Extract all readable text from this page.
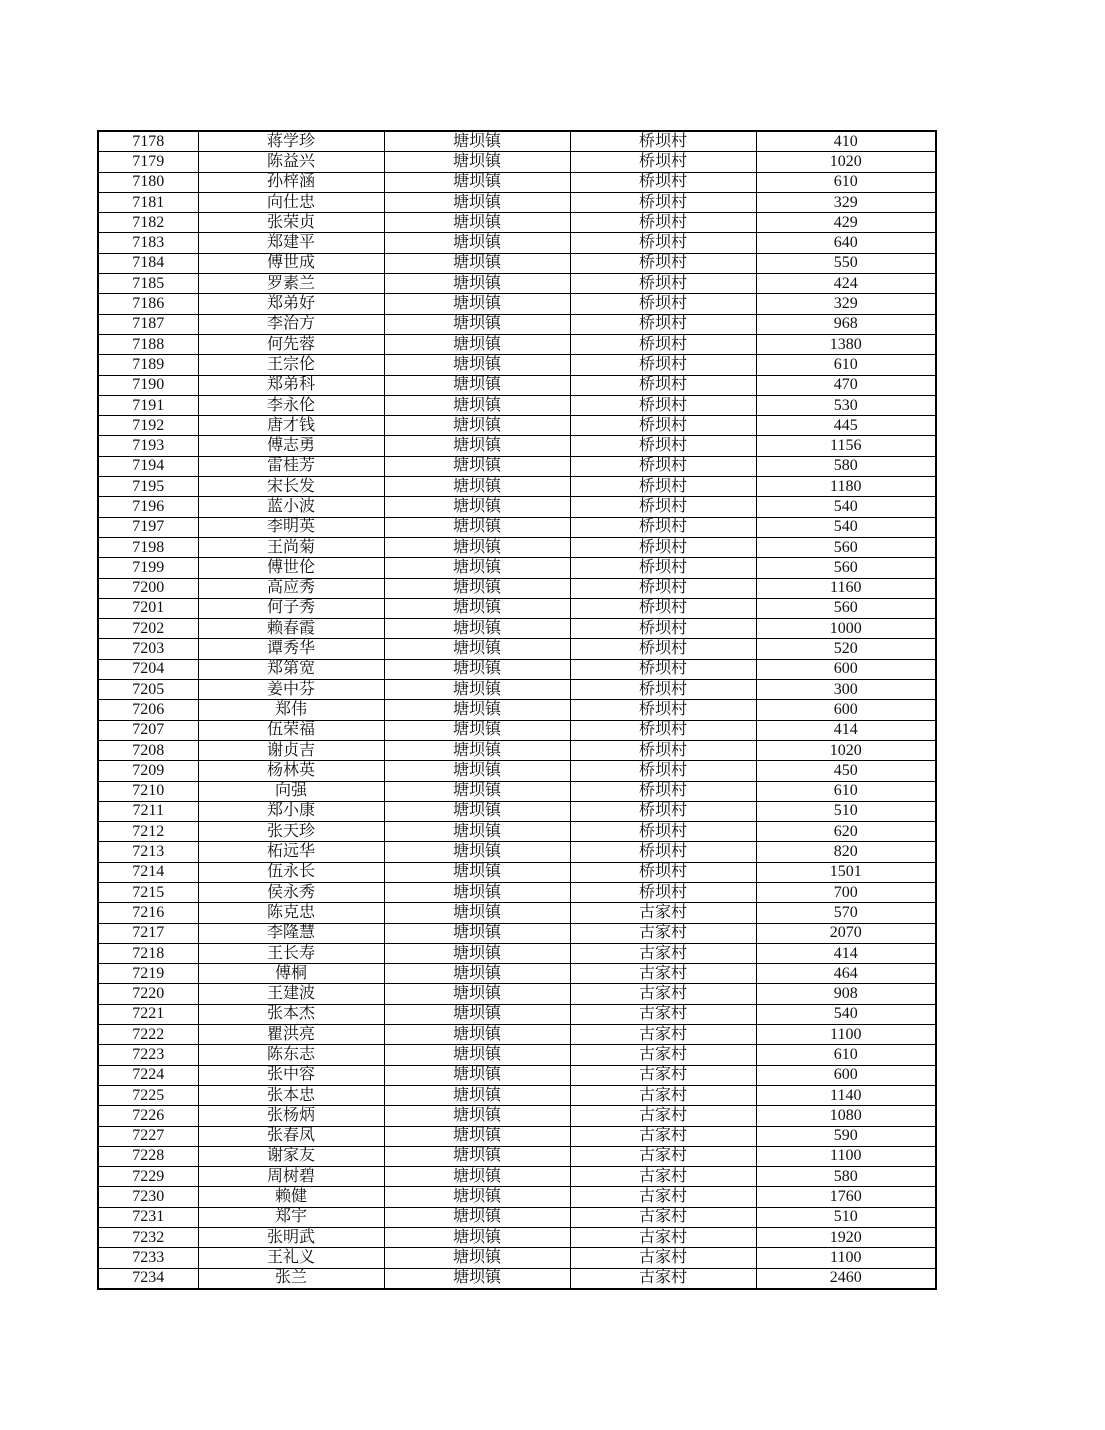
7178	蒋学珍	塘坝镇	桥坝村	410
7179	陈益兴	塘坝镇	桥坝村	1020
7180	孙梓涵	塘坝镇	桥坝村	610
7181	向仕忠	塘坝镇	桥坝村	329
7182	张荣贞	塘坝镇	桥坝村	429
7183	郑建平	塘坝镇	桥坝村	640
7184	傅世成	塘坝镇	桥坝村	550
7185	罗素兰	塘坝镇	桥坝村	424
7186	郑弟好	塘坝镇	桥坝村	329
7187	李治方	塘坝镇	桥坝村	968
7188	何先蓉	塘坝镇	桥坝村	1380
7189	王宗伦	塘坝镇	桥坝村	610
7190	郑弟科	塘坝镇	桥坝村	470
7191	李永伦	塘坝镇	桥坝村	530
7192	唐才钱	塘坝镇	桥坝村	445
7193	傅志勇	塘坝镇	桥坝村	1156
7194	雷桂芳	塘坝镇	桥坝村	580
7195	宋长发	塘坝镇	桥坝村	1180
7196	蓝小波	塘坝镇	桥坝村	540
7197	李明英	塘坝镇	桥坝村	540
7198	王尚菊	塘坝镇	桥坝村	560
7199	傅世伦	塘坝镇	桥坝村	560
7200	高应秀	塘坝镇	桥坝村	1160
7201	何子秀	塘坝镇	桥坝村	560
7202	赖春霞	塘坝镇	桥坝村	1000
7203	谭秀华	塘坝镇	桥坝村	520
7204	郑第宽	塘坝镇	桥坝村	600
7205	姜中芬	塘坝镇	桥坝村	300
7206	郑伟	塘坝镇	桥坝村	600
7207	伍荣福	塘坝镇	桥坝村	414
7208	谢贞吉	塘坝镇	桥坝村	1020
7209	杨林英	塘坝镇	桥坝村	450
7210	向强	塘坝镇	桥坝村	610
7211	郑小康	塘坝镇	桥坝村	510
7212	张天珍	塘坝镇	桥坝村	620
7213	柘远华	塘坝镇	桥坝村	820
7214	伍永长	塘坝镇	桥坝村	1501
7215	侯永秀	塘坝镇	桥坝村	700
7216	陈克忠	塘坝镇	古家村	570
7217	李隆慧	塘坝镇	古家村	2070
7218	王长寿	塘坝镇	古家村	414
7219	傅桐	塘坝镇	古家村	464
7220	王建波	塘坝镇	古家村	908
7221	张本杰	塘坝镇	古家村	540
7222	瞿洪亮	塘坝镇	古家村	1100
7223	陈东志	塘坝镇	古家村	610
7224	张中容	塘坝镇	古家村	600
7225	张本忠	塘坝镇	古家村	1140
7226	张杨炳	塘坝镇	古家村	1080
7227	张春凤	塘坝镇	古家村	590
7228	谢家友	塘坝镇	古家村	1100
7229	周树碧	塘坝镇	古家村	580
7230	赖健	塘坝镇	古家村	1760
7231	郑宇	塘坝镇	古家村	510
7232	张明武	塘坝镇	古家村	1920
7233	王礼义	塘坝镇	古家村	1100
7234	张兰	塘坝镇	古家村	2460
